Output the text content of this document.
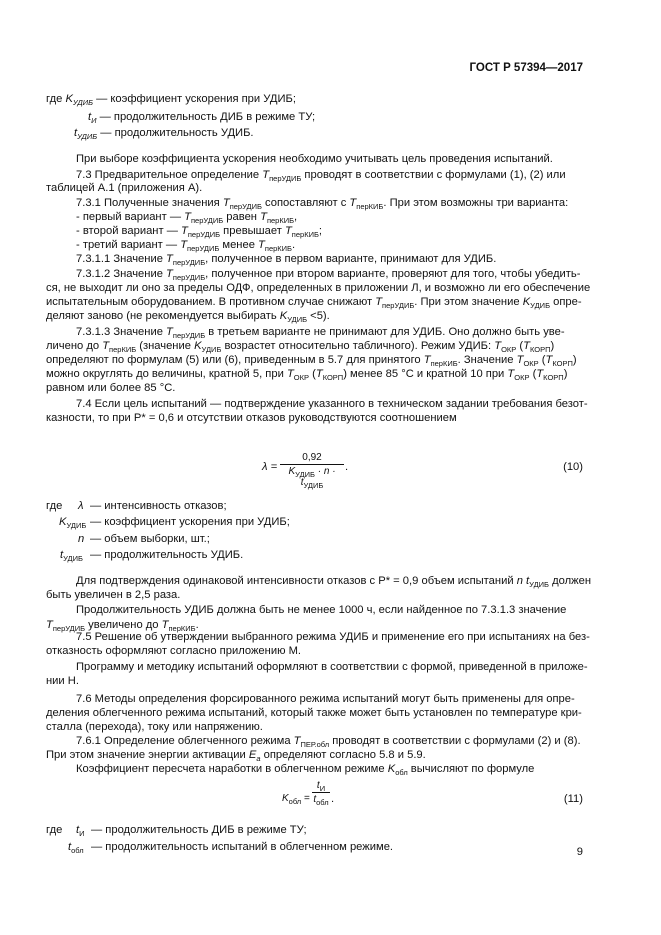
ГОСТ Р 57394—2017
где $K_{УДИБ}$ — коэффициент ускорения при УДИБ;
$t_И$ — продолжительность ДИБ в режиме ТУ;
$t_{УДИБ}$ — продолжительность УДИБ.
При выборе коэффициента ускорения необходимо учитывать цель проведения испытаний.
7.3 Предварительное определение $T_{перУДИБ}$ проводят в соответствии с формулами (1), (2) или
таблицей А.1 (приложения А).
7.3.1 Полученные значения $T_{перУДИБ}$ сопоставляют с $T_{перКИБ}$. При этом возможны три варианта:
- первый вариант — $T_{перУДИБ}$ равен $T_{перКИБ}$,
- второй вариант — $T_{перУДИБ}$ превышает $T_{перКИБ}$;
- третий вариант — $T_{перУДИБ}$ менее $T_{перКИБ}$.
7.3.1.1 Значение $T_{перУДИБ}$, полученное в первом варианте, принимают для УДИБ.
7.3.1.2 Значение $T_{перУДИБ}$, полученное при втором варианте, проверяют для того, чтобы убедить-
ся, не выходит ли оно за пределы ОДФ, определенных в приложении Л, и возможно ли его обеспечение
испытательным оборудованием. В противном случае снижают $T_{перУДИБ}$. При этом значение $K_{УДИБ}$ опре-
деляют заново (не рекомендуется выбирать $K_{УДИБ} <5$).
7.3.1.3 Значение $T_{перУДИБ}$ в третьем варианте не принимают для УДИБ. Оно должно быть уве-
личено до $T_{перКИБ}$ (значение $K_{УДИБ}$ возрастет относительно табличного). Режим УДИБ: $T_{ОКР}$ $(T_{КОРП})$
определяют по формулам (5) или (6), приведенным в 5.7 для принятого $T_{перКИБ}$. Значение $T_{ОКР}$ $(T_{КОРП})$
можно округлять до величины, кратной 5, при $T_{ОКР}$ $(T_{КОРП})$ менее 85 °С и кратной 10 при $T_{ОКР}$ $(T_{КОРП})$
равном или более 85 °С.
7.4 Если цель испытаний — подтверждение указанного в техническом задании требования безот-
казности, то при P* = 0,6 и отсутствии отказов руководствуются соотношением
λ =
0,92
$K_{УДИБ} \cdot n \cdot t_{УДИБ}$
.	(10)
где λ — интенсивность отказов;
$K_{УДИБ}$ — коэффициент ускорения при УДИБ;
n — объем выборки, шт.;
$t_{УДИБ}$ — продолжительность УДИБ.
Для подтверждения одинаковой интенсивности отказов с P* = 0,9 объем испытаний n $t_{УДИБ}$ должен
быть увеличен в 2,5 раза.
Продолжительность УДИБ должна быть не менее 1000 ч, если найденное по 7.3.1.3 значение
$T_{перУДИБ}$ увеличено до $T_{перКИБ}$.
7.5 Решение об утверждении выбранного режима УДИБ и применение его при испытаниях на без-
отказность оформляют согласно приложению М.
Программу и методику испытаний оформляют в соответствии с формой, приведенной в приложе-
нии Н.
7.6 Методы определения форсированного режима испытаний могут быть применены для опре-
деления облегченного режима испытаний, который также может быть установлен по температуре кри-
сталла (перехода), току или напряжению.
7.6.1 Определение облегченного режима $T_{ПЕР.обл}$ проводят в соответствии с формулами (2) и (8).
При этом значение энергии активации $E_a$ определяют согласно 5.8 и 5.9.
Коэффициент пересчета наработки в облегченном режиме $K_{обл}$ вычисляют по формуле
$K_{обл}$ =
$t_И$
$t_{обл}$ .	(11)
где $t_И$ — продолжительность ДИБ в режиме ТУ;
$t_{обл}$ — продолжительность испытаний в облегченном режиме.	9
